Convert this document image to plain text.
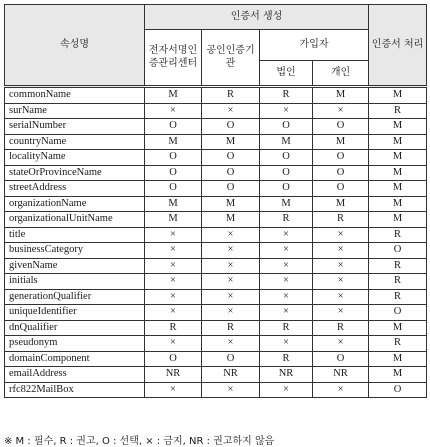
속성명	인증서 생성				인증서 처리
	전자서명인증관리센터	공인인증기관	가입자		
			법인	개인	
commonName	M	R	R	M	M
surName	×	×	×	×	R
serialNumber	O	O	O	O	M
countryName	M	M	M	M	M
localityName	O	O	O	O	M
stateOrProvinceName	O	O	O	O	M
streetAddress	O	O	O	O	M
organizationName	M	M	M	M	M
organizationalUnitName	M	M	R	R	M
title	×	×	×	×	R
businessCategory	×	×	×	×	O
givenName	×	×	×	×	R
initials	×	×	×	×	R
generationQualifier	×	×	×	×	R
uniqueIdentifier	×	×	×	×	O
dnQualifier	R	R	R	R	M
pseudonym	×	×	×	×	R
domainComponent	O	O	R	O	M
emailAddress	NR	NR	NR	NR	M
rfc822MailBox	×	×	×	×	O
※ M : 필수, R : 권고, O : 선택, × : 금지, NR : 권고하지 않음
